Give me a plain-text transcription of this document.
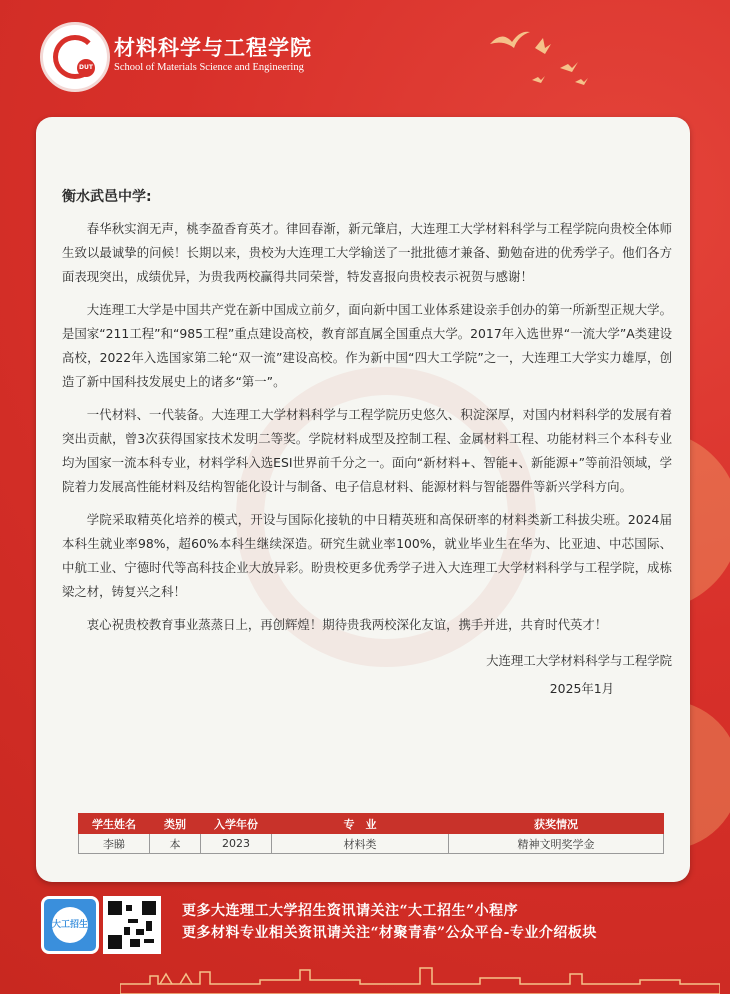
DUT
材料科学与工程学院
School of Materials Science and Engineering

衡水武邑中学:

春华秋实润无声，桃李盈香育英才。律回春渐，新元肇启，大连理工大学材料科学与工程学院向贵校全体师生致以最诚挚的问候！长期以来，贵校为大连理工大学输送了一批批德才兼备、勤勉奋进的优秀学子。他们各方面表现突出，成绩优异，为贵我两校赢得共同荣誉，特发喜报向贵校表示祝贺与感谢！

大连理工大学是中国共产党在新中国成立前夕，面向新中国工业体系建设亲手创办的第一所新型正规大学。是国家“211工程”和“985工程”重点建设高校，教育部直属全国重点大学。2017年入选世界“一流大学”A类建设高校，2022年入选国家第二轮“双一流”建设高校。作为新中国“四大工学院”之一，大连理工大学实力雄厚，创造了新中国科技发展史上的诸多“第一”。

一代材料、一代装备。大连理工大学材料科学与工程学院历史悠久、积淀深厚，对国内材料科学的发展有着突出贡献，曾3次获得国家技术发明二等奖。学院材料成型及控制工程、金属材料工程、功能材料三个本科专业均为国家一流本科专业，材料学科入选ESI世界前千分之一。面向“新材料+、智能+、新能源+”等前沿领域，学院着力发展高性能材料及结构智能化设计与制备、电子信息材料、能源材料与智能器件等新兴学科方向。

学院采取精英化培养的模式，开设与国际化接轨的中日精英班和高保研率的材料类新工科拔尖班。2024届本科生就业率98%，超60%本科生继续深造。研究生就业率100%，就业毕业生在华为、比亚迪、中芯国际、中航工业、宁德时代等高科技企业大放异彩。盼贵校更多优秀学子进入大连理工大学材料科学与工程学院，成栋梁之材，铸复兴之科！

衷心祝贵校教育事业蒸蒸日上，再创辉煌！期待贵我两校深化友谊，携手并进，共育时代英才！

大连理工大学材料科学与工程学院
2025年1月
学生姓名	类别	入学年份	专　业	获奖情况
李睇	本	2023	材料类	精神文明奖学金
大工招生
更多大连理工大学招生资讯请关注“大工招生”小程序
更多材料专业相关资讯请关注“材聚青春”公众平台-专业介绍板块
